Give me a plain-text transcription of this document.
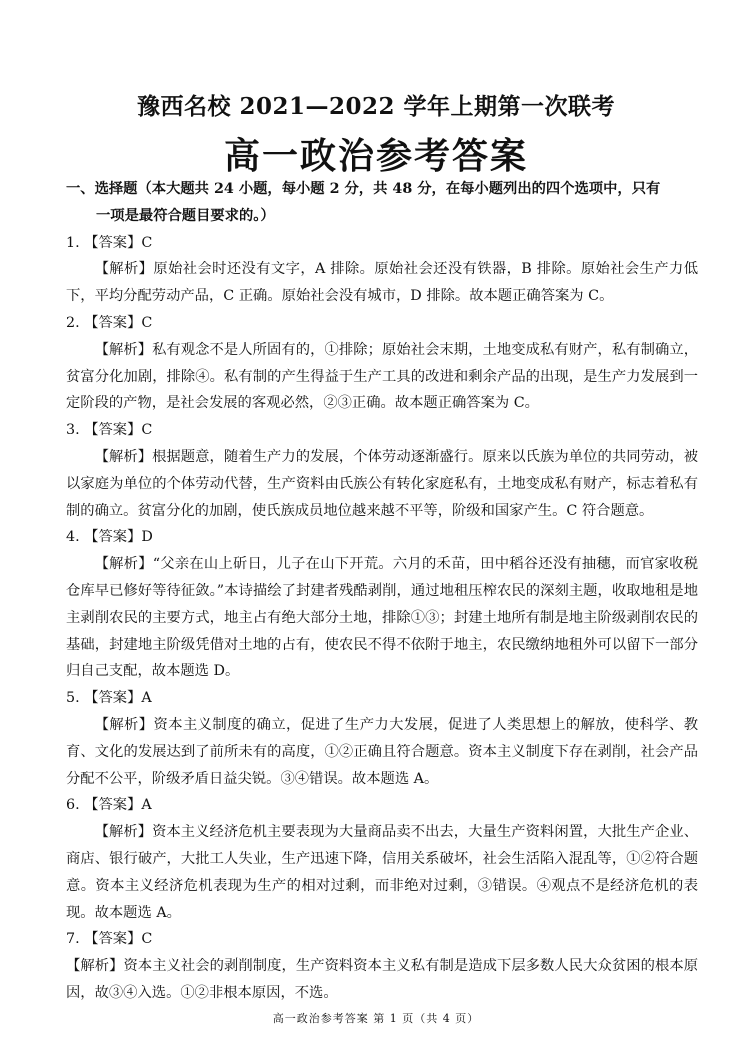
豫西名校 2021—2022 学年上期第一次联考
高一政治参考答案

一、选择题（本大题共 24 小题，每小题 2 分，共 48 分，在每小题列出的四个选项中，只有
一项是最符合题目要求的。）

1. 【答案】C

【解析】原始社会时还没有文字，A 排除。原始社会还没有铁器，B 排除。原始社会生产力低下，平均分配劳动产品，C 正确。原始社会没有城市，D 排除。故本题正确答案为 C。

2. 【答案】C

【解析】私有观念不是人所固有的，①排除；原始社会末期，土地变成私有财产，私有制确立，贫富分化加剧，排除④。私有制的产生得益于生产工具的改进和剩余产品的出现，是生产力发展到一定阶段的产物，是社会发展的客观必然，②③正确。故本题正确答案为 C。

3. 【答案】C

【解析】根据题意，随着生产力的发展，个体劳动逐渐盛行。原来以氏族为单位的共同劳动，被以家庭为单位的个体劳动代替，生产资料由氏族公有转化家庭私有，土地变成私有财产，标志着私有制的确立。贫富分化的加剧，使氏族成员地位越来越不平等，阶级和国家产生。C 符合题意。

4. 【答案】D

【解析】“父亲在山上斫日，儿子在山下开荒。六月的禾苗，田中稻谷还没有抽穗，而官家收税仓库早已修好等待征敛。”本诗描绘了封建者残酷剥削，通过地租压榨农民的深刻主题，收取地租是地主剥削农民的主要方式，地主占有绝大部分土地，排除①③；封建土地所有制是地主阶级剥削农民的基础，封建地主阶级凭借对土地的占有，使农民不得不依附于地主，农民缴纳地租外可以留下一部分归自己支配，故本题选 D。

5. 【答案】A

【解析】资本主义制度的确立，促进了生产力大发展，促进了人类思想上的解放，使科学、教育、文化的发展达到了前所未有的高度，①②正确且符合题意。资本主义制度下存在剥削，社会产品分配不公平，阶级矛盾日益尖锐。③④错误。故本题选 A。

6. 【答案】A

【解析】资本主义经济危机主要表现为大量商品卖不出去，大量生产资料闲置，大批生产企业、商店、银行破产，大批工人失业，生产迅速下降，信用关系破坏，社会生活陷入混乱等，①②符合题意。资本主义经济危机表现为生产的相对过剩，而非绝对过剩，③错误。④观点不是经济危机的表现。故本题选 A。

7. 【答案】C

【解析】资本主义社会的剥削制度，生产资料资本主义私有制是造成下层多数人民大众贫困的根本原因，故③④入选。①②非根本原因，不选。

高一政治参考答案 第 1 页（共 4 页）
